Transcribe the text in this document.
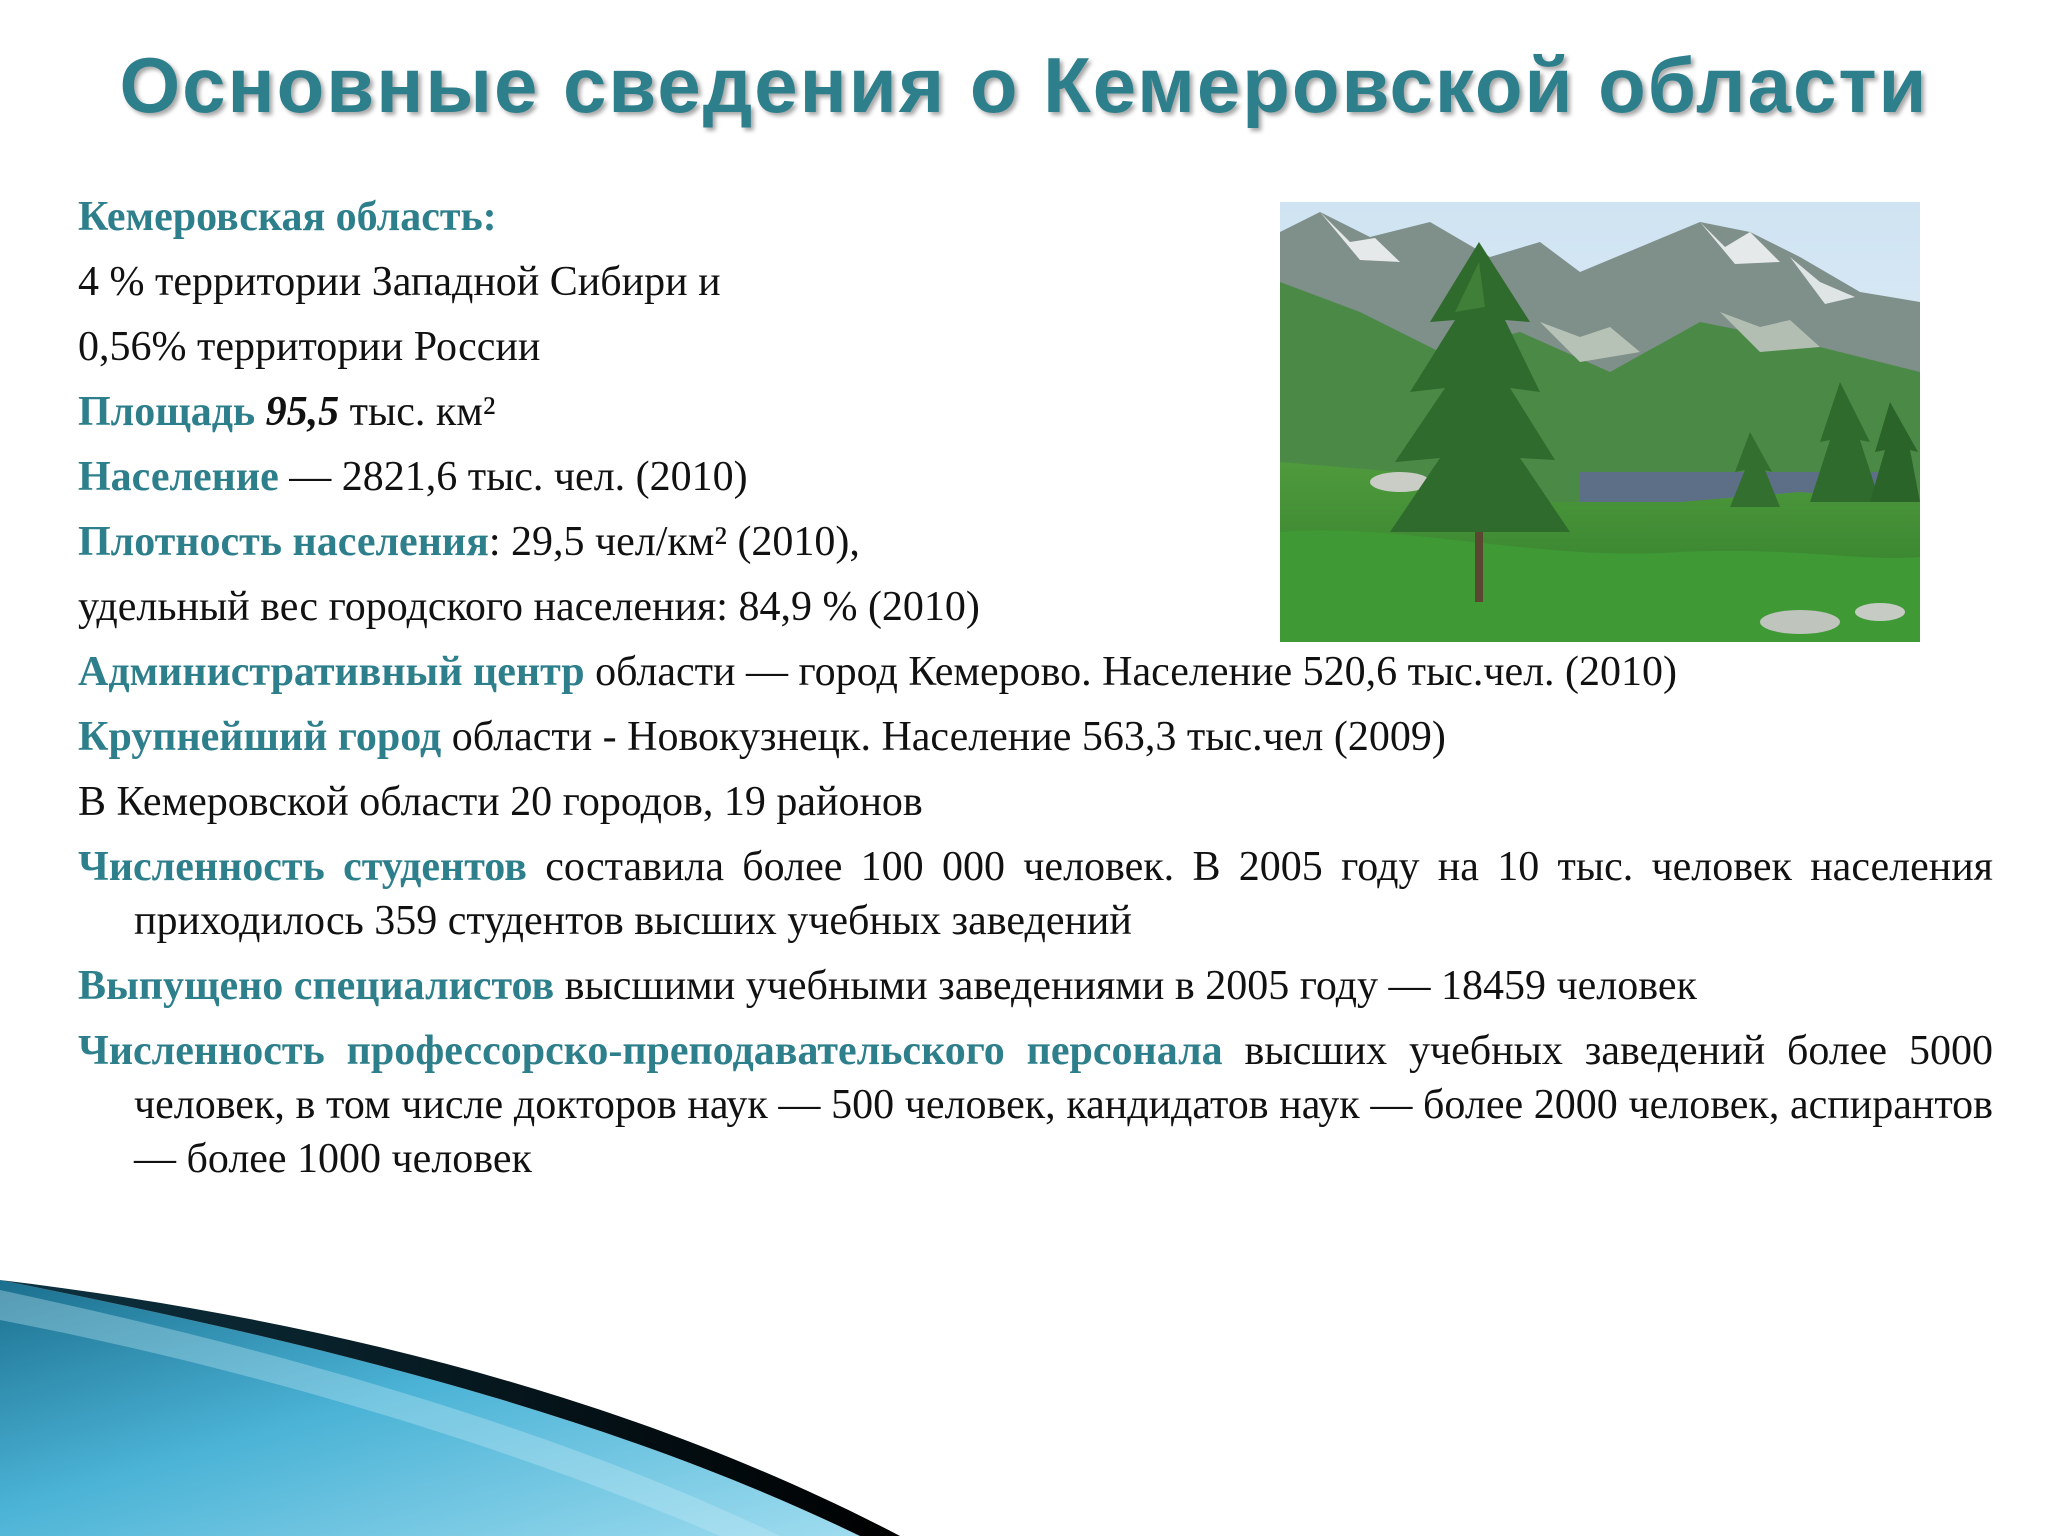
Основные сведения о Кемеровской области

Кемеровская область:

4 % территории Западной Сибири и

0,56% территории России

Площадь 95,5 тыс. км²

Население — 2821,6 тыс. чел. (2010)

Плотность населения: 29,5 чел/км² (2010),

удельный вес городского населения: 84,9 % (2010)

Административный центр области — город Кемерово. Население 520,6 тыс.чел. (2010)

Крупнейший город области - Новокузнецк. Население 563,3 тыс.чел (2009)

В Кемеровской области 20 городов, 19 районов

Численность студентов составила более 100 000 человек. В 2005 году на 10 тыс. человек населения приходилось 359 студентов высших учебных заведений

Выпущено специалистов высшими учебными заведениями в 2005 году — 18459 человек

Численность профессорско-преподавательского персонала высших учебных заведений более 5000 человек, в том числе докторов наук — 500 человек, кандидатов наук — более 2000 человек, аспирантов — более 1000 человек
